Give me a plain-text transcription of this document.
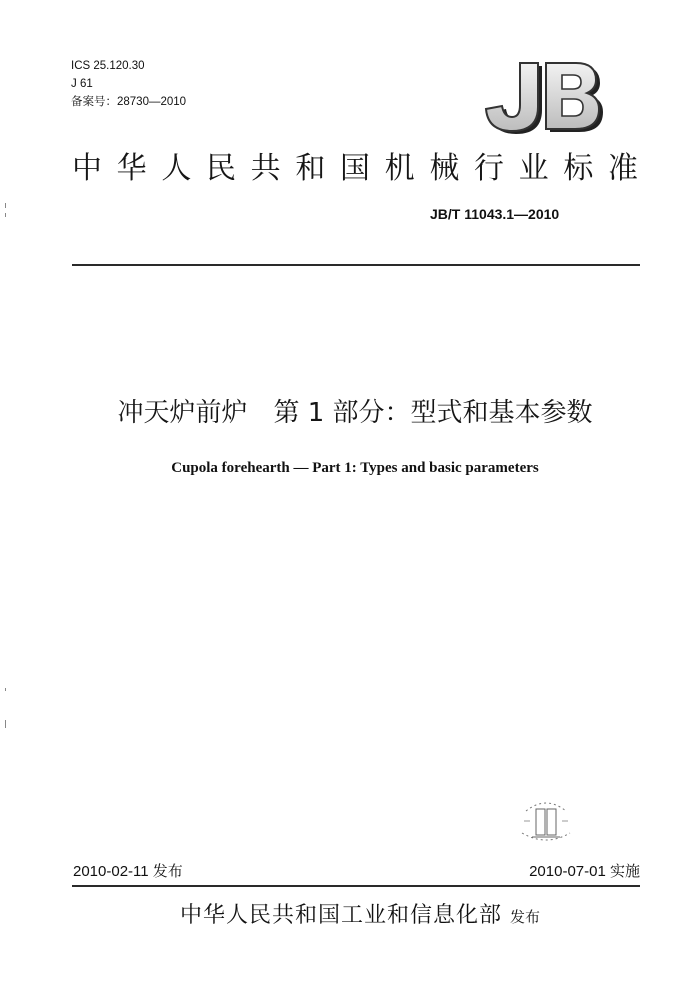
ICS 25.120.30
J 61
备案号：28730—2010
中华人民共和国机械行业标准
JB/T 11043.1—2010
冲天炉前炉　第 1 部分：型式和基本参数
Cupola forehearth — Part 1: Types and basic parameters
2010-02-11 发布	2010-07-01 实施
中华人民共和国工业和信息化部 发布
